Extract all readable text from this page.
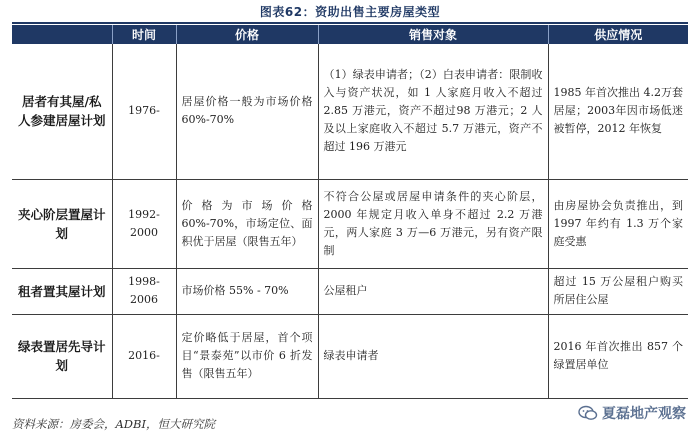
图表62：资助出售主要房屋类型
	时间	价格	销售对象	供应情况
居者有其屋/私人参建居屋计划	1976-	居屋价格一般为市场价格 60%-70%	（1）绿表申请者；（2）白表申请者：限制收入与资产状况，如 1 人家庭月收入不超过 2.85 万港元，资产不超过98 万港元；2 人及以上家庭收入不超过 5.7 万港元，资产不超过 196 万港元	1985 年首次推出 4.2万套居屋；2003年因市场低迷被暂停，2012 年恢复
夹心阶层置屋计划	1992-2000	价格为市场价格 60%-70%，市场定位、面积优于居屋（限售五年）	不符合公屋或居屋申请条件的夹心阶层，2000 年规定月收入单身不超过 2.2 万港元，两人家庭 3 万—6 万港元，另有资产限制	由房屋协会负责推出，到 1997 年约有 1.3 万个家庭受惠
租者置其屋计划	1998-2006	市场价格 55% - 70%	公屋租户	超过 15 万公屋租户购买所居住公屋
绿表置居先导计划	2016-	定价略低于居屋，首个项目“景泰苑”以市价 6 折发售（限售五年）	绿表申请者	2016 年首次推出 857 个绿置居单位
资料来源：房委会，ADBI，恒大研究院
夏磊地产观察
